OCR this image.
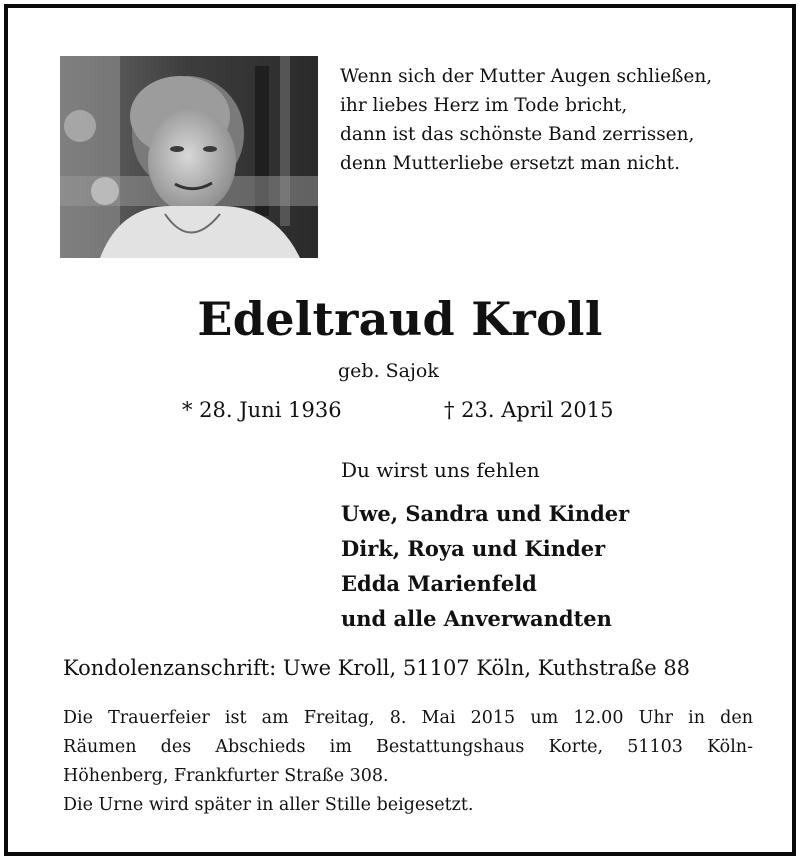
Wenn sich der Mutter Augen schließen,
ihr liebes Herz im Tode bricht,
dann ist das schönste Band zerrissen,
denn Mutterliebe ersetzt man nicht.
Edeltraud Kroll
geb. Sajok
* 28. Juni 1936	† 23. April 2015
Du wirst uns fehlen
Uwe, Sandra und Kinder
Dirk, Roya und Kinder
Edda Marienfeld
und alle Anverwandten
Kondolenzanschrift: Uwe Kroll, 51107 Köln, Kuthstraße 88
Die Trauerfeier ist am Freitag, 8. Mai 2015 um 12.00 Uhr in den
Räumen des Abschieds im Bestattungshaus Korte, 51103 Köln-
Höhenberg, Frankfurter Straße 308.
Die Urne wird später in aller Stille beigesetzt.
